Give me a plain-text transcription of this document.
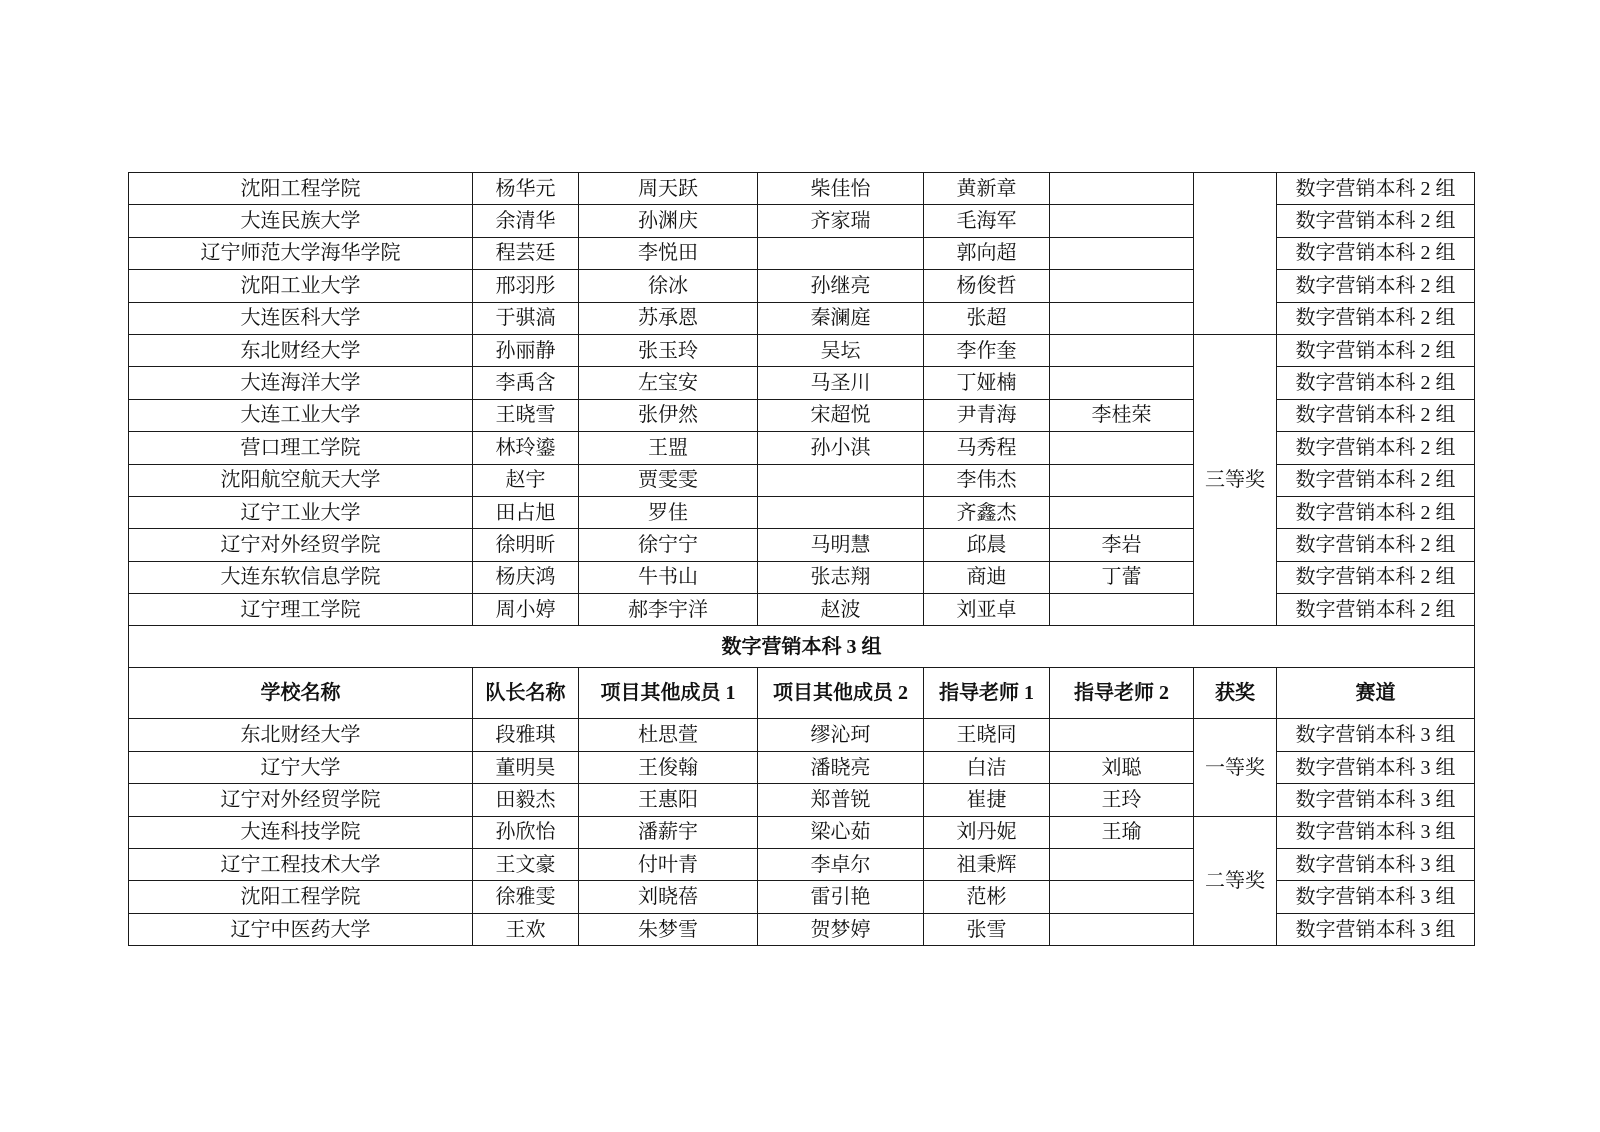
沈阳工程学院	杨华元	周天跃	柴佳怡	黄新章			数字营销本科 2 组
大连民族大学	余清华	孙渊庆	齐家瑞	毛海军			数字营销本科 2 组
辽宁师范大学海华学院	程芸廷	李悦田		郭向超			数字营销本科 2 组
沈阳工业大学	邢羽彤	徐冰	孙继亮	杨俊哲			数字营销本科 2 组
大连医科大学	于骐滈	苏承恩	秦澜庭	张超			数字营销本科 2 组
东北财经大学	孙丽静	张玉玲	吴坛	李作奎		三等奖	数字营销本科 2 组
大连海洋大学	李禹含	左宝安	马圣川	丁娅楠			数字营销本科 2 组
大连工业大学	王晓雪	张伊然	宋超悦	尹青海	李桂荣		数字营销本科 2 组
营口理工学院	林玲鎏	王盟	孙小淇	马秀程			数字营销本科 2 组
沈阳航空航天大学	赵宇	贾雯雯		李伟杰			数字营销本科 2 组
辽宁工业大学	田占旭	罗佳		齐鑫杰			数字营销本科 2 组
辽宁对外经贸学院	徐明昕	徐宁宁	马明慧	邱晨	李岩		数字营销本科 2 组
大连东软信息学院	杨庆鸿	牛书山	张志翔	商迪	丁蕾		数字营销本科 2 组
辽宁理工学院	周小婷	郝李宇洋	赵波	刘亚卓			数字营销本科 2 组
数字营销本科 3 组							
学校名称	队长名称	项目其他成员 1	项目其他成员 2	指导老师 1	指导老师 2	获奖	赛道
东北财经大学	段雅琪	杜思萱	缪沁珂	王晓同		一等奖	数字营销本科 3 组
辽宁大学	董明昊	王俊翰	潘晓亮	白洁	刘聪		数字营销本科 3 组
辽宁对外经贸学院	田毅杰	王惠阳	郑普锐	崔捷	王玲		数字营销本科 3 组
大连科技学院	孙欣怡	潘薪宇	梁心茹	刘丹妮	王瑜	二等奖	数字营销本科 3 组
辽宁工程技术大学	王文豪	付叶青	李卓尔	祖秉辉			数字营销本科 3 组
沈阳工程学院	徐雅雯	刘晓蓓	雷引艳	范彬			数字营销本科 3 组
辽宁中医药大学	王欢	朱梦雪	贺梦婷	张雪			数字营销本科 3 组
